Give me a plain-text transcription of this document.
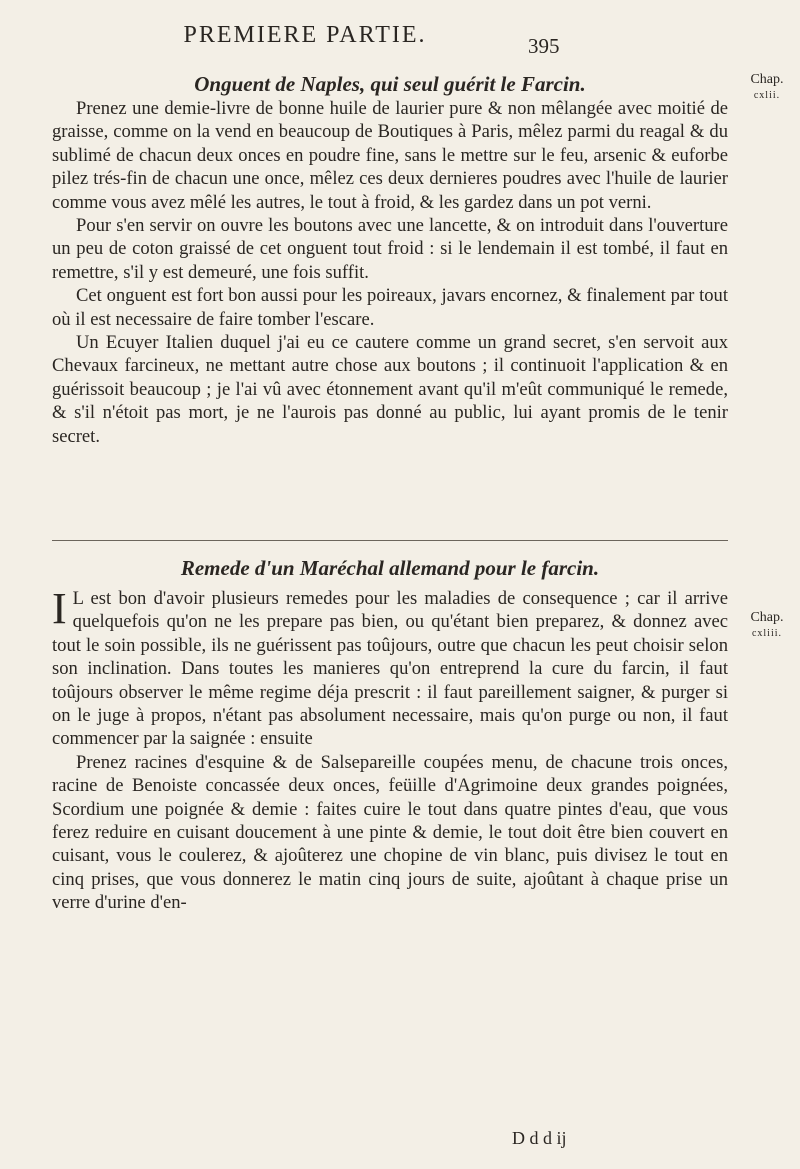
PREMIERE PARTIE.	395
Chap.
cxlii.
Chap.
cxliii.
Onguent de Naples, qui seul guérit le Farcin.

Prenez une demie-livre de bonne huile de laurier pure & non mêlangée avec moitié de graisse, comme on la vend en beaucoup de Boutiques à Paris, mêlez parmi du reagal & du sublimé de chacun deux onces en poudre fine, sans le mettre sur le feu, arsenic & euforbe pilez trés-fin de chacun une once, mêlez ces deux dernieres poudres avec l'huile de laurier comme vous avez mêlé les autres, le tout à froid, & les gardez dans un pot verni.

Pour s'en servir on ouvre les boutons avec une lancette, & on introduit dans l'ouverture un peu de coton graissé de cet onguent tout froid : si le lendemain il est tombé, il faut en remettre, s'il y est demeuré, une fois suffit.

Cet onguent est fort bon aussi pour les poireaux, javars encornez, & finalement par tout où il est necessaire de faire tomber l'escare.

Un Ecuyer Italien duquel j'ai eu ce cautere comme un grand secret, s'en servoit aux Chevaux farcineux, ne mettant autre chose aux boutons ; il continuoit l'application & en guérissoit beaucoup ; je l'ai vû avec étonnement avant qu'il m'eût communiqué le remede, & s'il n'étoit pas mort, je ne l'aurois pas donné au public, lui ayant promis de le tenir secret.

Remede d'un Maréchal allemand pour le farcin.

I L est bon d'avoir plusieurs remedes pour les maladies de consequence ; car il arrive quelquefois qu'on ne les prepare pas bien, ou qu'étant bien preparez, & donnez avec tout le soin possible, ils ne guérissent pas toûjours, outre que chacun les peut choisir selon son inclination. Dans toutes les manieres qu'on entreprend la cure du farcin, il faut toûjours observer le même regime déja prescrit : il faut pareillement saigner, & purger si on le juge à propos, n'étant pas absolument necessaire, mais qu'on purge ou non, il faut commencer par la saignée : ensuite

Prenez racines d'esquine & de Salsepareille coupées menu, de chacune trois onces, racine de Benoiste concassée deux onces, feüille d'Agrimoine deux grandes poignées, Scordium une poignée & demie : faites cuire le tout dans quatre pintes d'eau, que vous ferez reduire en cuisant doucement à une pinte & demie, le tout doit être bien couvert en cuisant, vous le coulerez, & ajoûterez une chopine de vin blanc, puis divisez le tout en cinq prises, que vous donnerez le matin cinq jours de suite, ajoûtant à chaque prise un verre d'urine d'en-

D d d ij
